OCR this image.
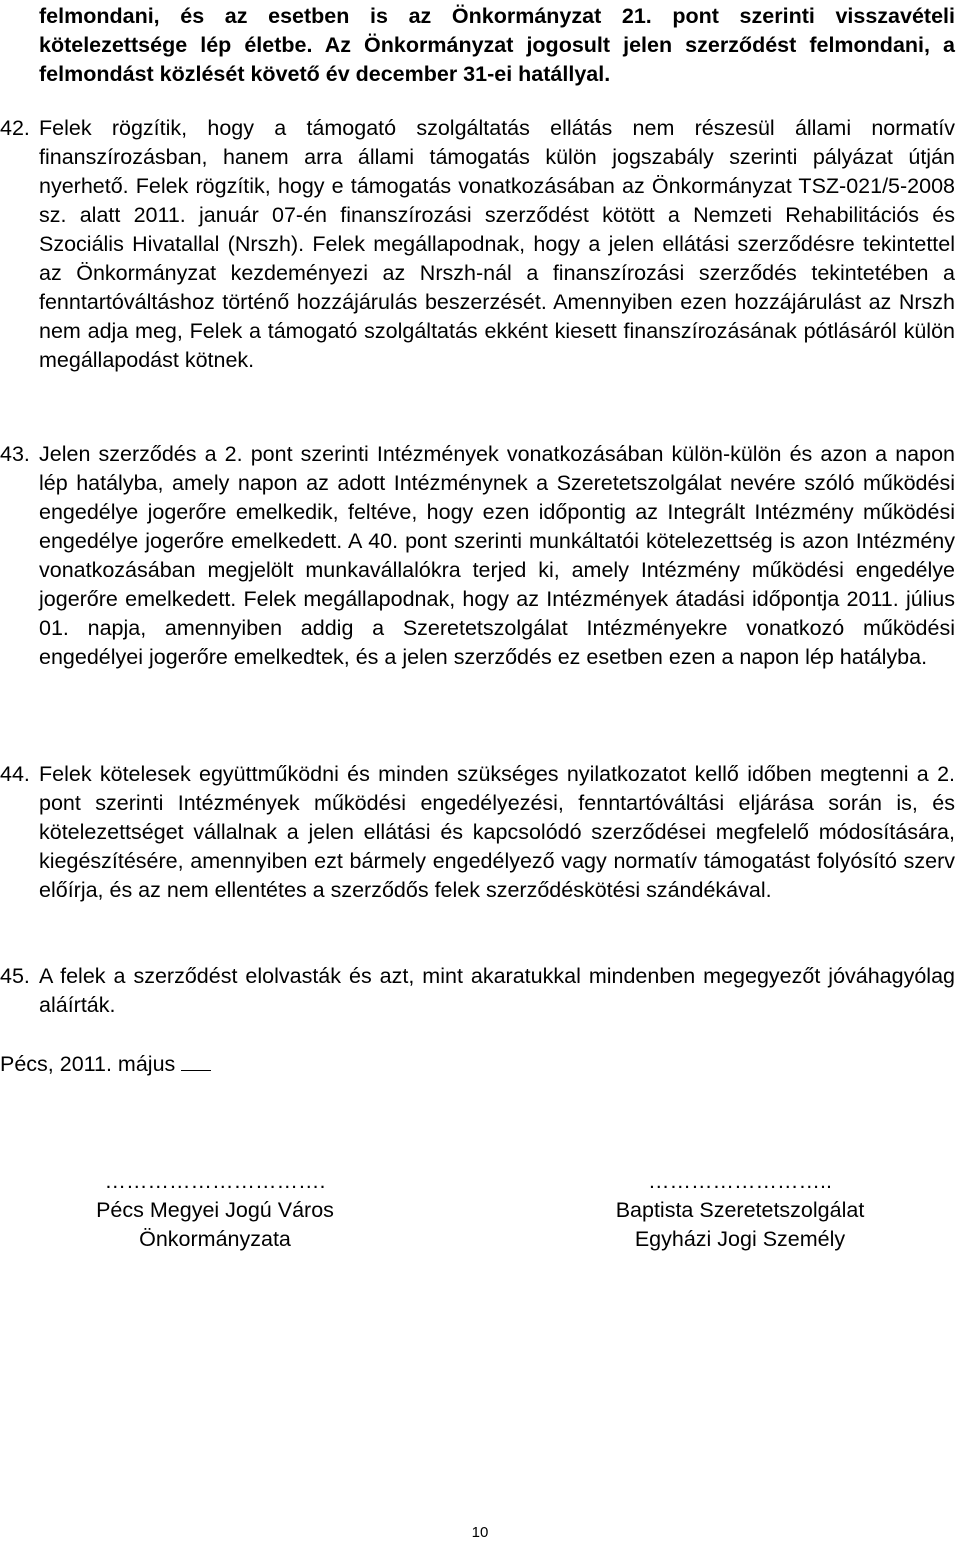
felmondani, és az esetben is az Önkormányzat 21. pont szerinti visszavételi kötelezettsége lép életbe. Az Önkormányzat jogosult jelen szerződést felmondani, a felmondást közlését követő év december 31-ei hatállyal.

42. Felek rögzítik, hogy a támogató szolgáltatás ellátás nem részesül állami normatív finanszírozásban, hanem arra állami támogatás külön jogszabály szerinti pályázat útján nyerhető. Felek rögzítik, hogy e támogatás vonatkozásában az Önkormányzat TSZ-021/5-2008 sz. alatt 2011. január 07-én finanszírozási szerződést kötött a Nemzeti Rehabilitációs és Szociális Hivatallal (Nrszh). Felek megállapodnak, hogy a jelen ellátási szerződésre tekintettel az Önkormányzat kezdeményezi az Nrszh-nál a finanszírozási szerződés tekintetében a fenntartóváltáshoz történő hozzájárulás beszerzését. Amennyiben ezen hozzájárulást az Nrszh nem adja meg, Felek a támogató szolgáltatás ekként kiesett finanszírozásának pótlásáról külön megállapodást kötnek.
43. Jelen szerződés a 2. pont szerinti Intézmények vonatkozásában külön-külön és azon a napon lép hatályba, amely napon az adott Intézménynek a Szeretetszolgálat nevére szóló működési engedélye jogerőre emelkedik, feltéve, hogy ezen időpontig az Integrált Intézmény működési engedélye jogerőre emelkedett. A 40. pont szerinti munkáltatói kötelezettség is azon Intézmény vonatkozásában megjelölt munkavállalókra terjed ki, amely Intézmény működési engedélye jogerőre emelkedett. Felek megállapodnak, hogy az Intézmények átadási időpontja 2011. július 01. napja, amennyiben addig a Szeretetszolgálat Intézményekre vonatkozó működési engedélyei jogerőre emelkedtek, és a jelen szerződés ez esetben ezen a napon lép hatályba.
44. Felek kötelesek együttműködni és minden szükséges nyilatkozatot kellő időben megtenni a 2. pont szerinti Intézmények működési engedélyezési, fenntartóváltási eljárása során is, és kötelezettséget vállalnak a jelen ellátási és kapcsolódó szerződései megfelelő módosítására, kiegészítésére, amennyiben ezt bármely engedélyező vagy normatív támogatást folyósító szerv előírja, és az nem ellentétes a szerződős felek szerződéskötési szándékával.
45. A felek a szerződést elolvasták és azt, mint akaratukkal mindenben megegyezőt jóváhagyólag aláírták.
Pécs, 2011. május
………………………….
Pécs Megyei Jogú Város
Önkormányzata
……………………..
Baptista Szeretetszolgálat
Egyházi Jogi Személy
10
